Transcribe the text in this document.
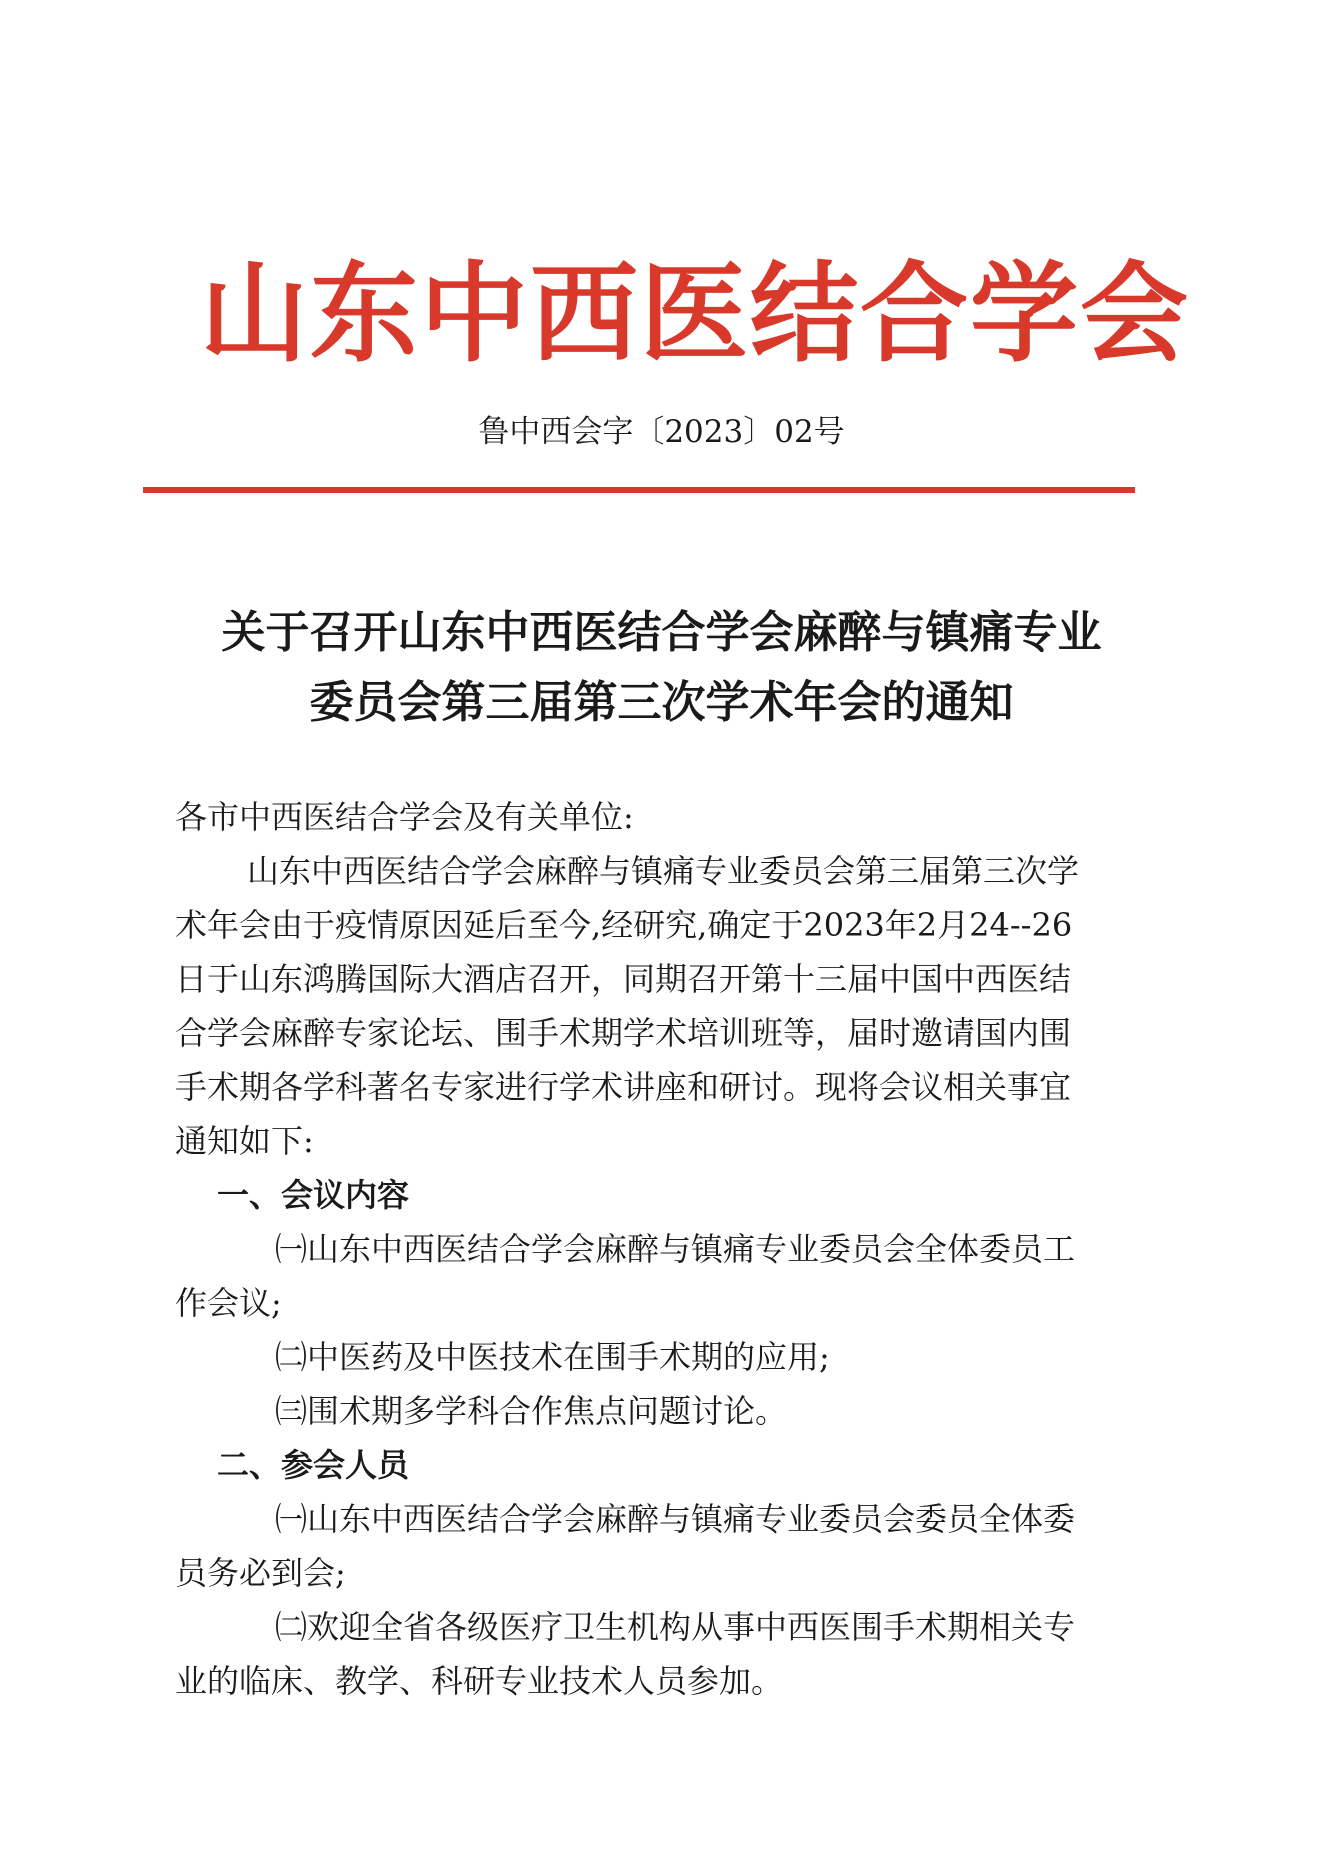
山东中西医结合学会
鲁中西会字〔2023〕02号
关于召开山东中西医结合学会麻醉与镇痛专业
委员会第三届第三次学术年会的通知
各市中西医结合学会及有关单位:
山东中西医结合学会麻醉与镇痛专业委员会第三届第三次学
术年会由于疫情原因延后至今,经研究,确定于2023年2月24--26
日于山东鸿腾国际大酒店召开，同期召开第十三届中国中西医结
合学会麻醉专家论坛、围手术期学术培训班等，届时邀请国内围
手术期各学科著名专家进行学术讲座和研讨。现将会议相关事宜
通知如下:
一、会议内容
㈠山东中西医结合学会麻醉与镇痛专业委员会全体委员工
作会议;
㈡中医药及中医技术在围手术期的应用;
㈢围术期多学科合作焦点问题讨论。
二、参会人员
㈠山东中西医结合学会麻醉与镇痛专业委员会委员全体委
员务必到会;
㈡欢迎全省各级医疗卫生机构从事中西医围手术期相关专
业的临床、教学、科研专业技术人员参加。
